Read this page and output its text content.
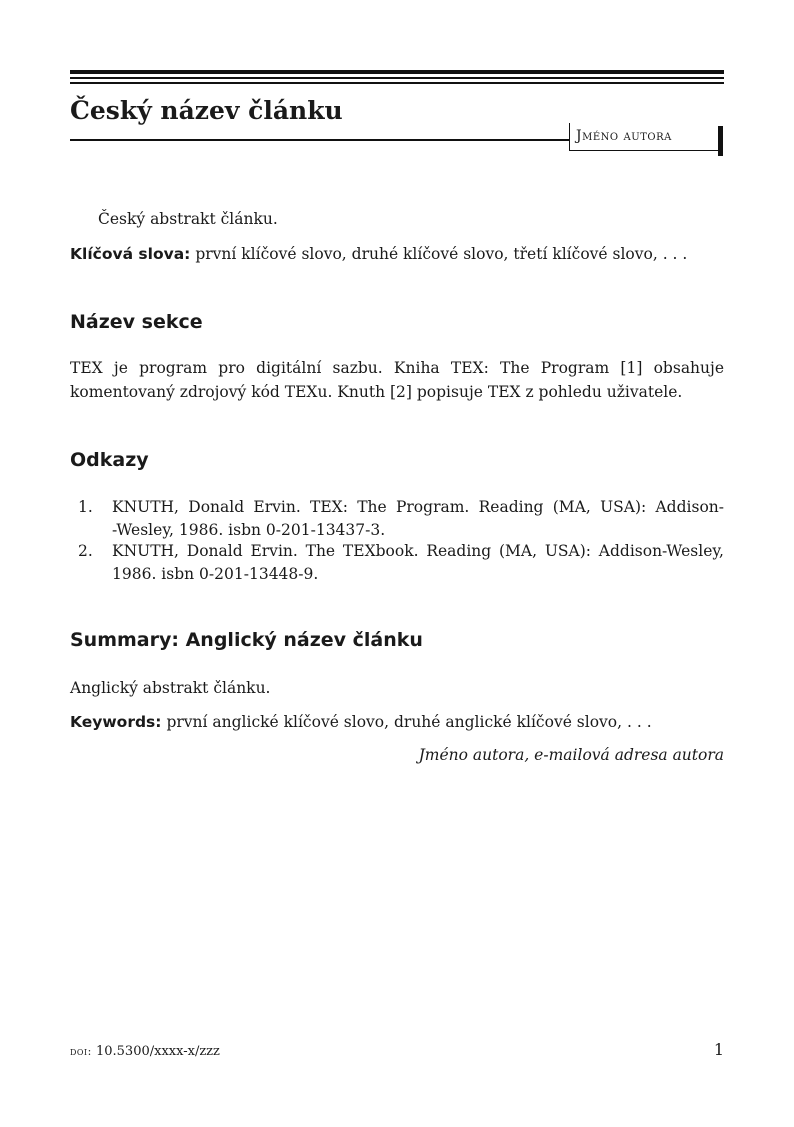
Český název článku
Jméno autora

Český abstrakt článku.

Klíčová slova: první klíčové slovo, druhé klíčové slovo, třetí klíčové slovo, . . .

Název sekce
TEX je program pro digitální sazbu. Kniha TEX: The Program [1] obsahuje
komentovaný zdrojový kód TEXu. Knuth [2] popisuje TEX z pohledu uživatele.
Odkazy
1. KNUTH, Donald Ervin. TEX: The Program. Reading (MA, USA): Addison-
-Wesley, 1986. isbn 0-201-13437-3.
2. KNUTH, Donald Ervin. The TEXbook. Reading (MA, USA): Addison-Wesley,
1986. isbn 0-201-13448-9.
Summary: Anglický název článku

Anglický abstrakt článku.

Keywords: první anglické klíčové slovo, druhé anglické klíčové slovo, . . .

Jméno autora, e-mailová adresa autora
doi: 10.5300/xxxx-x/zzz	1
